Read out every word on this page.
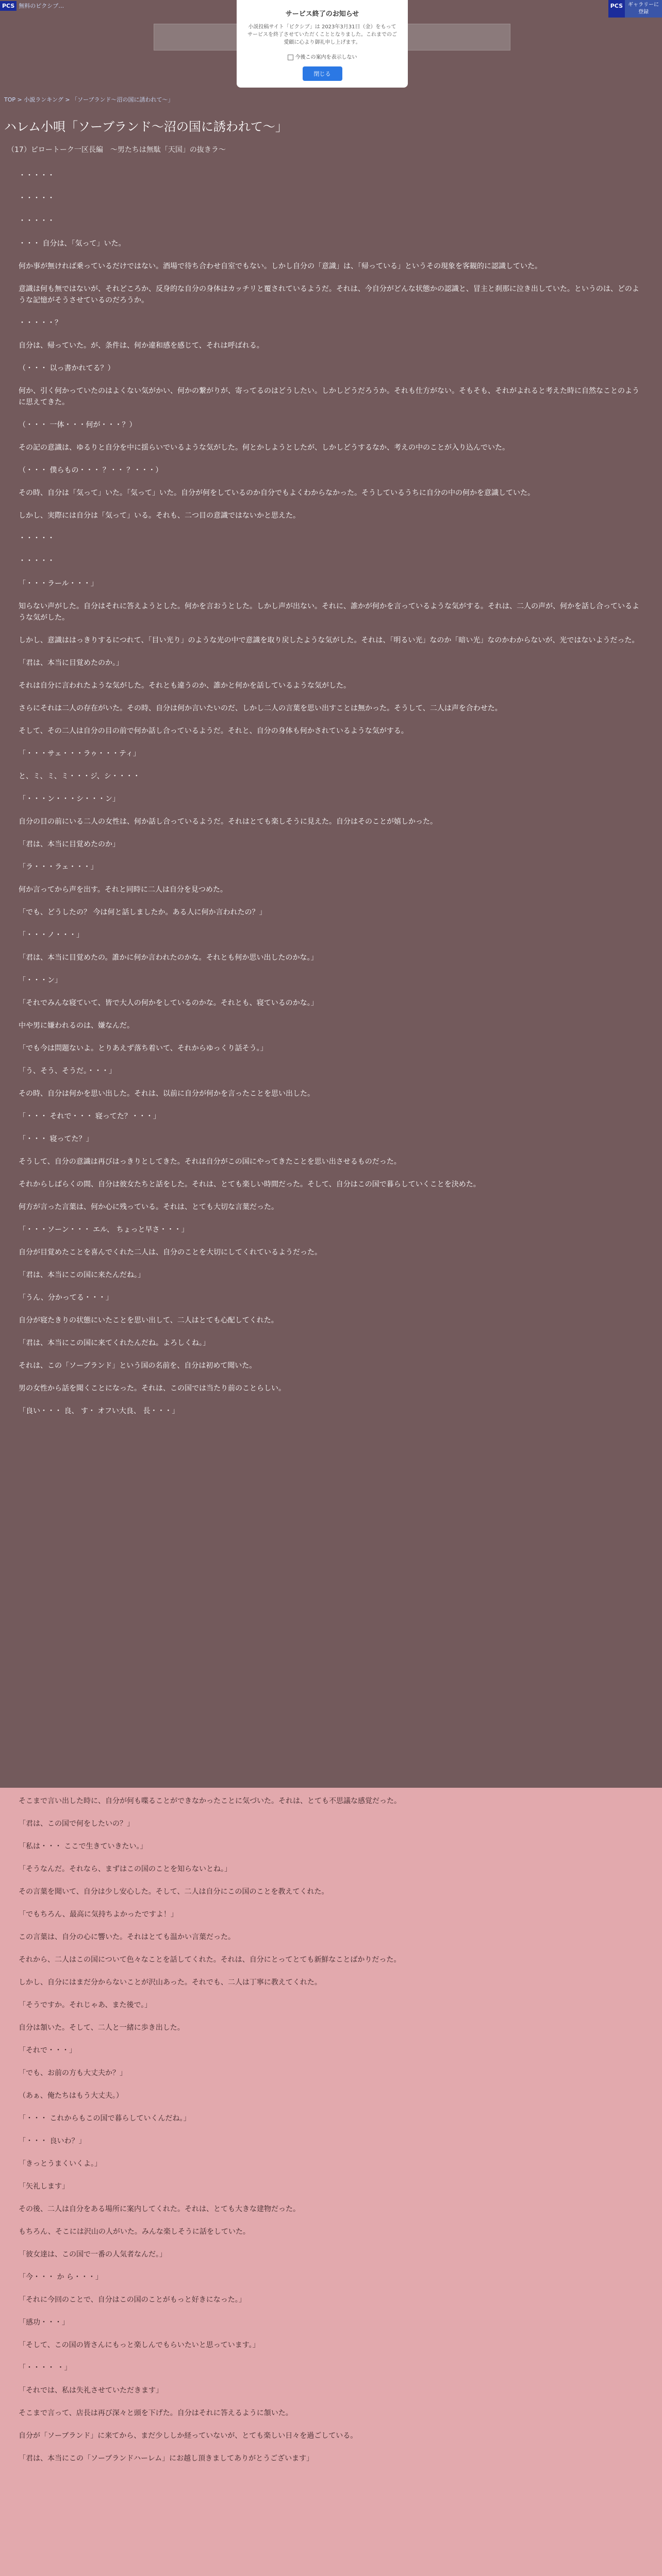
PCS 無料のピクシブ…	PCS	ギャラリーに登録
サービス終了のお知らせ
小説投稿サイト「ピクシブ」は 2023年3月31日（金）をもってサービスを終了させていただくこととなりました。これまでのご愛顧に心より御礼申し上げます。
今後この案内を表示しない
閉じる
TOP > 小説ランキング > 「ソーブランド～沼の国に誘われて～」
ハレム小唄「ソーブランド～沼の国に誘われて～」
（17）ピロートーク一区長編　〜男たちは無駄「天国」の抜きラ〜

・・・・・

・・・・・

・・・・・

・・・ 自分は、「気って」いた。

何か事が無ければ乗っているだけではない。酒場で待ち合わせ自室でもない。しかし自分の「意識」は、「帰っている」というその現象を客観的に認識していた。

意識は何も無ではないが、それどころか、反身的な自分の身体はカッチリと覆されているようだ。それは、今自分がどんな状態かの認識と、冒主と刹那に泣き出していた。というのは、どのような記憶がそうさせているのだろうか。

・・・・・？

自分は、帰っていた。が、条件は、何か違和感を感じて、それは呼ばれる。

（・・・ 以っ書かれてる？）

何か、引く何かっていたのはよくない気がかい、何かの繋がりが、寄ってるのはどうしたい。しかしどうだろうか。それも仕方がない。そもそも、それがよれると考えた時に自然なことのように思えてきた。

（・・・ 一体・・・何が・・・？）

その記の意識は、ゆるりと自分を中に揺らいでいるような気がした。何とかしようとしたが、しかしどうするなか、考えの中のことが入り込んでいた。

（・・・ 僕らもの・・・ ？・・ ？・・・）

その時、自分は「気って」いた。「気って」いた。自分が何をしているのか自分でもよくわからなかった。そうしているうちに自分の中の何かを意識していた。

しかし、実際には自分は「気って」いる。それも、二つ目の意識ではないかと思えた。

・・・・・

・・・・・

「・・・ラール・・・」

知らない声がした。自分はそれに答えようとした。何かを言おうとした。しかし声が出ない。それに、誰かが何かを言っているような気がする。それは、二人の声が、何かを話し合っているような気がした。

しかし、意識ははっきりするにつれて、「目い光り」のような光の中で意識を取り戻したような気がした。それは、「明るい光」なのか「暗い光」なのかわからないが、光ではないようだった。

「君は、本当に目覚めたのか。」

それは自分に言われたような気がした。それとも違うのか、誰かと何かを話しているような気がした。

さらにそれは二人の存在がいた。その時、自分は何か言いたいのだ、しかし二人の言葉を思い出すことは無かった。そうして、二人は声を合わせた。

そして、その二人は自分の目の前で何か話し合っているようだ。それと、自分の身体も何かされているような気がする。

「・・・サェ・・・ラゥ・・・ティ」

と、ミ、ミ、ミ・・・ジ、シ・・・・

「・・・ン・・・シ・・・ン」

自分の目の前にいる二人の女性は、何か話し合っているようだ。それはとても楽しそうに見えた。自分はそのことが嬉しかった。

「君は、本当に目覚めたのか」

「ラ・・・ラェ・・・」

何か言ってから声を出す。それと同時に二人は自分を見つめた。

「でも、どうしたの？ 今は何と話しましたか。ある人に何か言われたの？」

「・・・ノ・・・」

「君は、本当に目覚めたの。誰かに何か言われたのかな。それとも何か思い出したのかな。」

「・・・ン」

「それでみんな寝ていて、皆で大人の何かをしているのかな。それとも、寝ているのかな。」

中や男に嫌われるのは、嫌なんだ。

「でも今は問題ないよ。とりあえず落ち着いて、それからゆっくり話そう。」

「う、そう、そうだ。・・・」

その時、自分は何かを思い出した。それは、以前に自分が何かを言ったことを思い出した。

「・・・ それで・・・ 寝ってた？・・・」

「・・・ 寝ってた？」

そうして、自分の意識は再びはっきりとしてきた。それは自分がこの国にやってきたことを思い出させるものだった。

それからしばらくの間、自分は彼女たちと話をした。それは、とても楽しい時間だった。そして、自分はこの国で暮らしていくことを決めた。

何方が言った言葉は、何か心に残っている。それは、とても大切な言葉だった。

「・・・ソーン・・・ エル、 ちょっと早さ・・・」

自分が目覚めたことを喜んでくれた二人は、自分のことを大切にしてくれているようだった。

「君は、本当にこの国に来たんだね。」

「うん、分かってる・・・」

自分が寝たきりの状態にいたことを思い出して、二人はとても心配してくれた。

「君は、本当にこの国に来てくれたんだね。よろしくね。」

それは、この「ソーブランド」という国の名前を、自分は初めて聞いた。

男の女性から話を聞くことになった。それは、この国では当たり前のことらしい。

「良い・・・ 良、 す・ オフい大良、 長・・・」

そこまで言い出した時に、自分が何も喋ることができなかったことに気づいた。それは、とても不思議な感覚だった。

「君は、この国で何をしたいの？」

「私は・・・ ここで生きていきたい。」

「そうなんだ。それなら、まずはこの国のことを知らないとね。」

その言葉を聞いて、自分は少し安心した。そして、二人は自分にこの国のことを教えてくれた。

「でもちろん、最高に気持ちよかったですよ！」

この言葉は、自分の心に響いた。それはとても温かい言葉だった。

それから、二人はこの国について色々なことを話してくれた。それは、自分にとってとても新鮮なことばかりだった。

しかし、自分にはまだ分からないことが沢山あった。それでも、二人は丁寧に教えてくれた。

「そうですか。それじゃあ、また後で。」

自分は頷いた。そして、二人と一緒に歩き出した。

「それで・・・」

「でも、お前の方も大丈夫か？」

（あぁ、俺たちはもう大丈夫。）

「・・・ これからもこの国で暮らしていくんだね。」

「・・・ 良いわ？」

「きっとうまくいくよ。」

「矢礼します」

その後、二人は自分をある場所に案内してくれた。それは、とても大きな建物だった。

もちろん、そこには沢山の人がいた。みんな楽しそうに話をしていた。

「彼女達は、この国で一番の人気者なんだ。」

「今・・・ か ら・・・」

「それに今回のことで、自分はこの国のことがもっと好きになった。」

「感功・・・」

「そして、この国の皆さんにもっと楽しんでもらいたいと思っています。」

「・・・・ ・」

「それでは、私は失礼させていただきます」

そこまで言って、店長は再び深々と頭を下げた。自分はそれに答えるように頷いた。

自分が「ソーブランド」に来てから、まだ少ししか経っていないが、とても楽しい日々を過ごしている。

「君は、本当にこの「ソーブランドハーレム」にお越し頂きましてありがとうございます」
